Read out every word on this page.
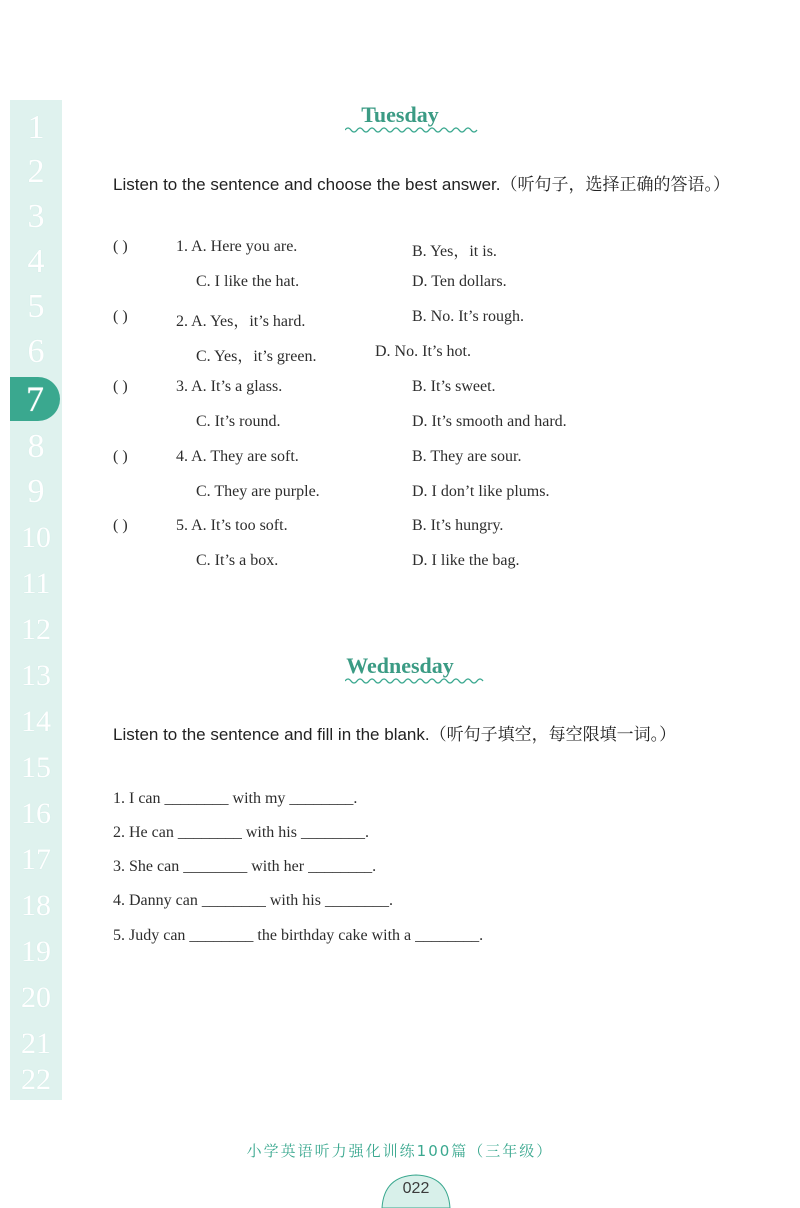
1
2
3
4
5
6
7
8
9
10
11
12
13
14
15
16
17
18
19
20
21
22
Tuesday
Listen to the sentence and choose the best answer.（听句子，选择正确的答语。）
( )	1. A. Here you are.	B. Yes，it is.
C. I like the hat.	D. Ten dollars.
( )	2. A. Yes，it’s hard.	B. No. It’s rough.
C. Yes，it’s green.	D. No. It’s hot.
( )	3. A. It’s a glass.	B. It’s sweet.
C. It’s round.	D. It’s smooth and hard.
( )	4. A. They are soft.	B. They are sour.
C. They are purple.	D. I don’t like plums.
( )	5. A. It’s too soft.	B. It’s hungry.
C. It’s a box.	D. I like the bag.
Wednesday
Listen to the sentence and fill in the blank.（听句子填空，每空限填一词。）
1. I can ________ with my ________.
2. He can ________ with his ________.
3. She can ________ with her ________.
4. Danny can ________ with his ________.
5. Judy can ________ the birthday cake with a ________.
小学英语听力强化训练100篇（三年级）
022
